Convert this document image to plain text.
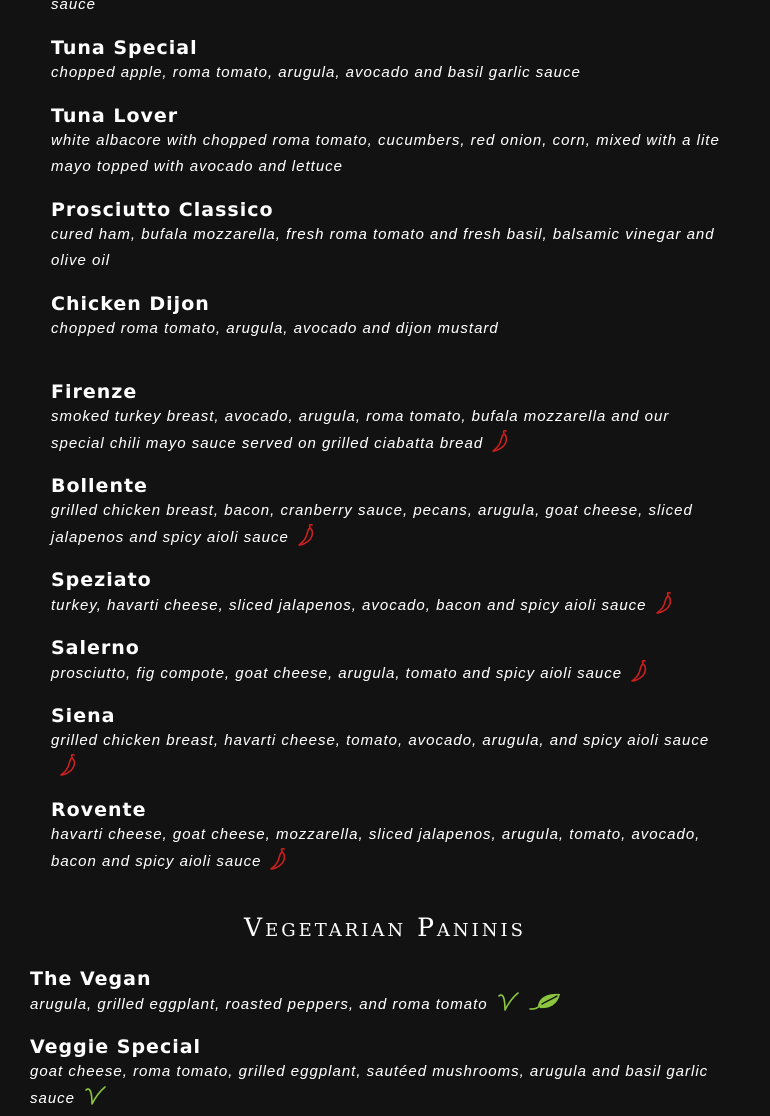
sauce
Tuna Special
chopped apple, roma tomato, arugula, avocado and basil garlic sauce
Tuna Lover
white albacore with chopped roma tomato, cucumbers, red onion, corn, mixed with a lite mayo topped with avocado and lettuce
Prosciutto Classico
cured ham, bufala mozzarella, fresh roma tomato and fresh basil, balsamic vinegar and olive oil
Chicken Dijon
chopped roma tomato, arugula, avocado and dijon mustard
Firenze
smoked turkey breast, avocado, arugula, roma tomato, bufala mozzarella and our special chili mayo sauce served on grilled ciabatta bread
Bollente
grilled chicken breast, bacon, cranberry sauce, pecans, arugula, goat cheese, sliced jalapenos and spicy aioli sauce
Speziato
turkey, havarti cheese, sliced jalapenos, avocado, bacon and spicy aioli sauce
Salerno
prosciutto, fig compote, goat cheese, arugula, tomato and spicy aioli sauce
Siena
grilled chicken breast, havarti cheese, tomato, avocado, arugula, and spicy aioli sauce
Rovente
havarti cheese, goat cheese, mozzarella, sliced jalapenos, arugula, tomato, avocado, bacon and spicy aioli sauce
Vegetarian Paninis
The Vegan
arugula, grilled eggplant, roasted peppers, and roma tomato
Veggie Special
goat cheese, roma tomato, grilled eggplant, sautéed mushrooms, arugula and basil garlic sauce
